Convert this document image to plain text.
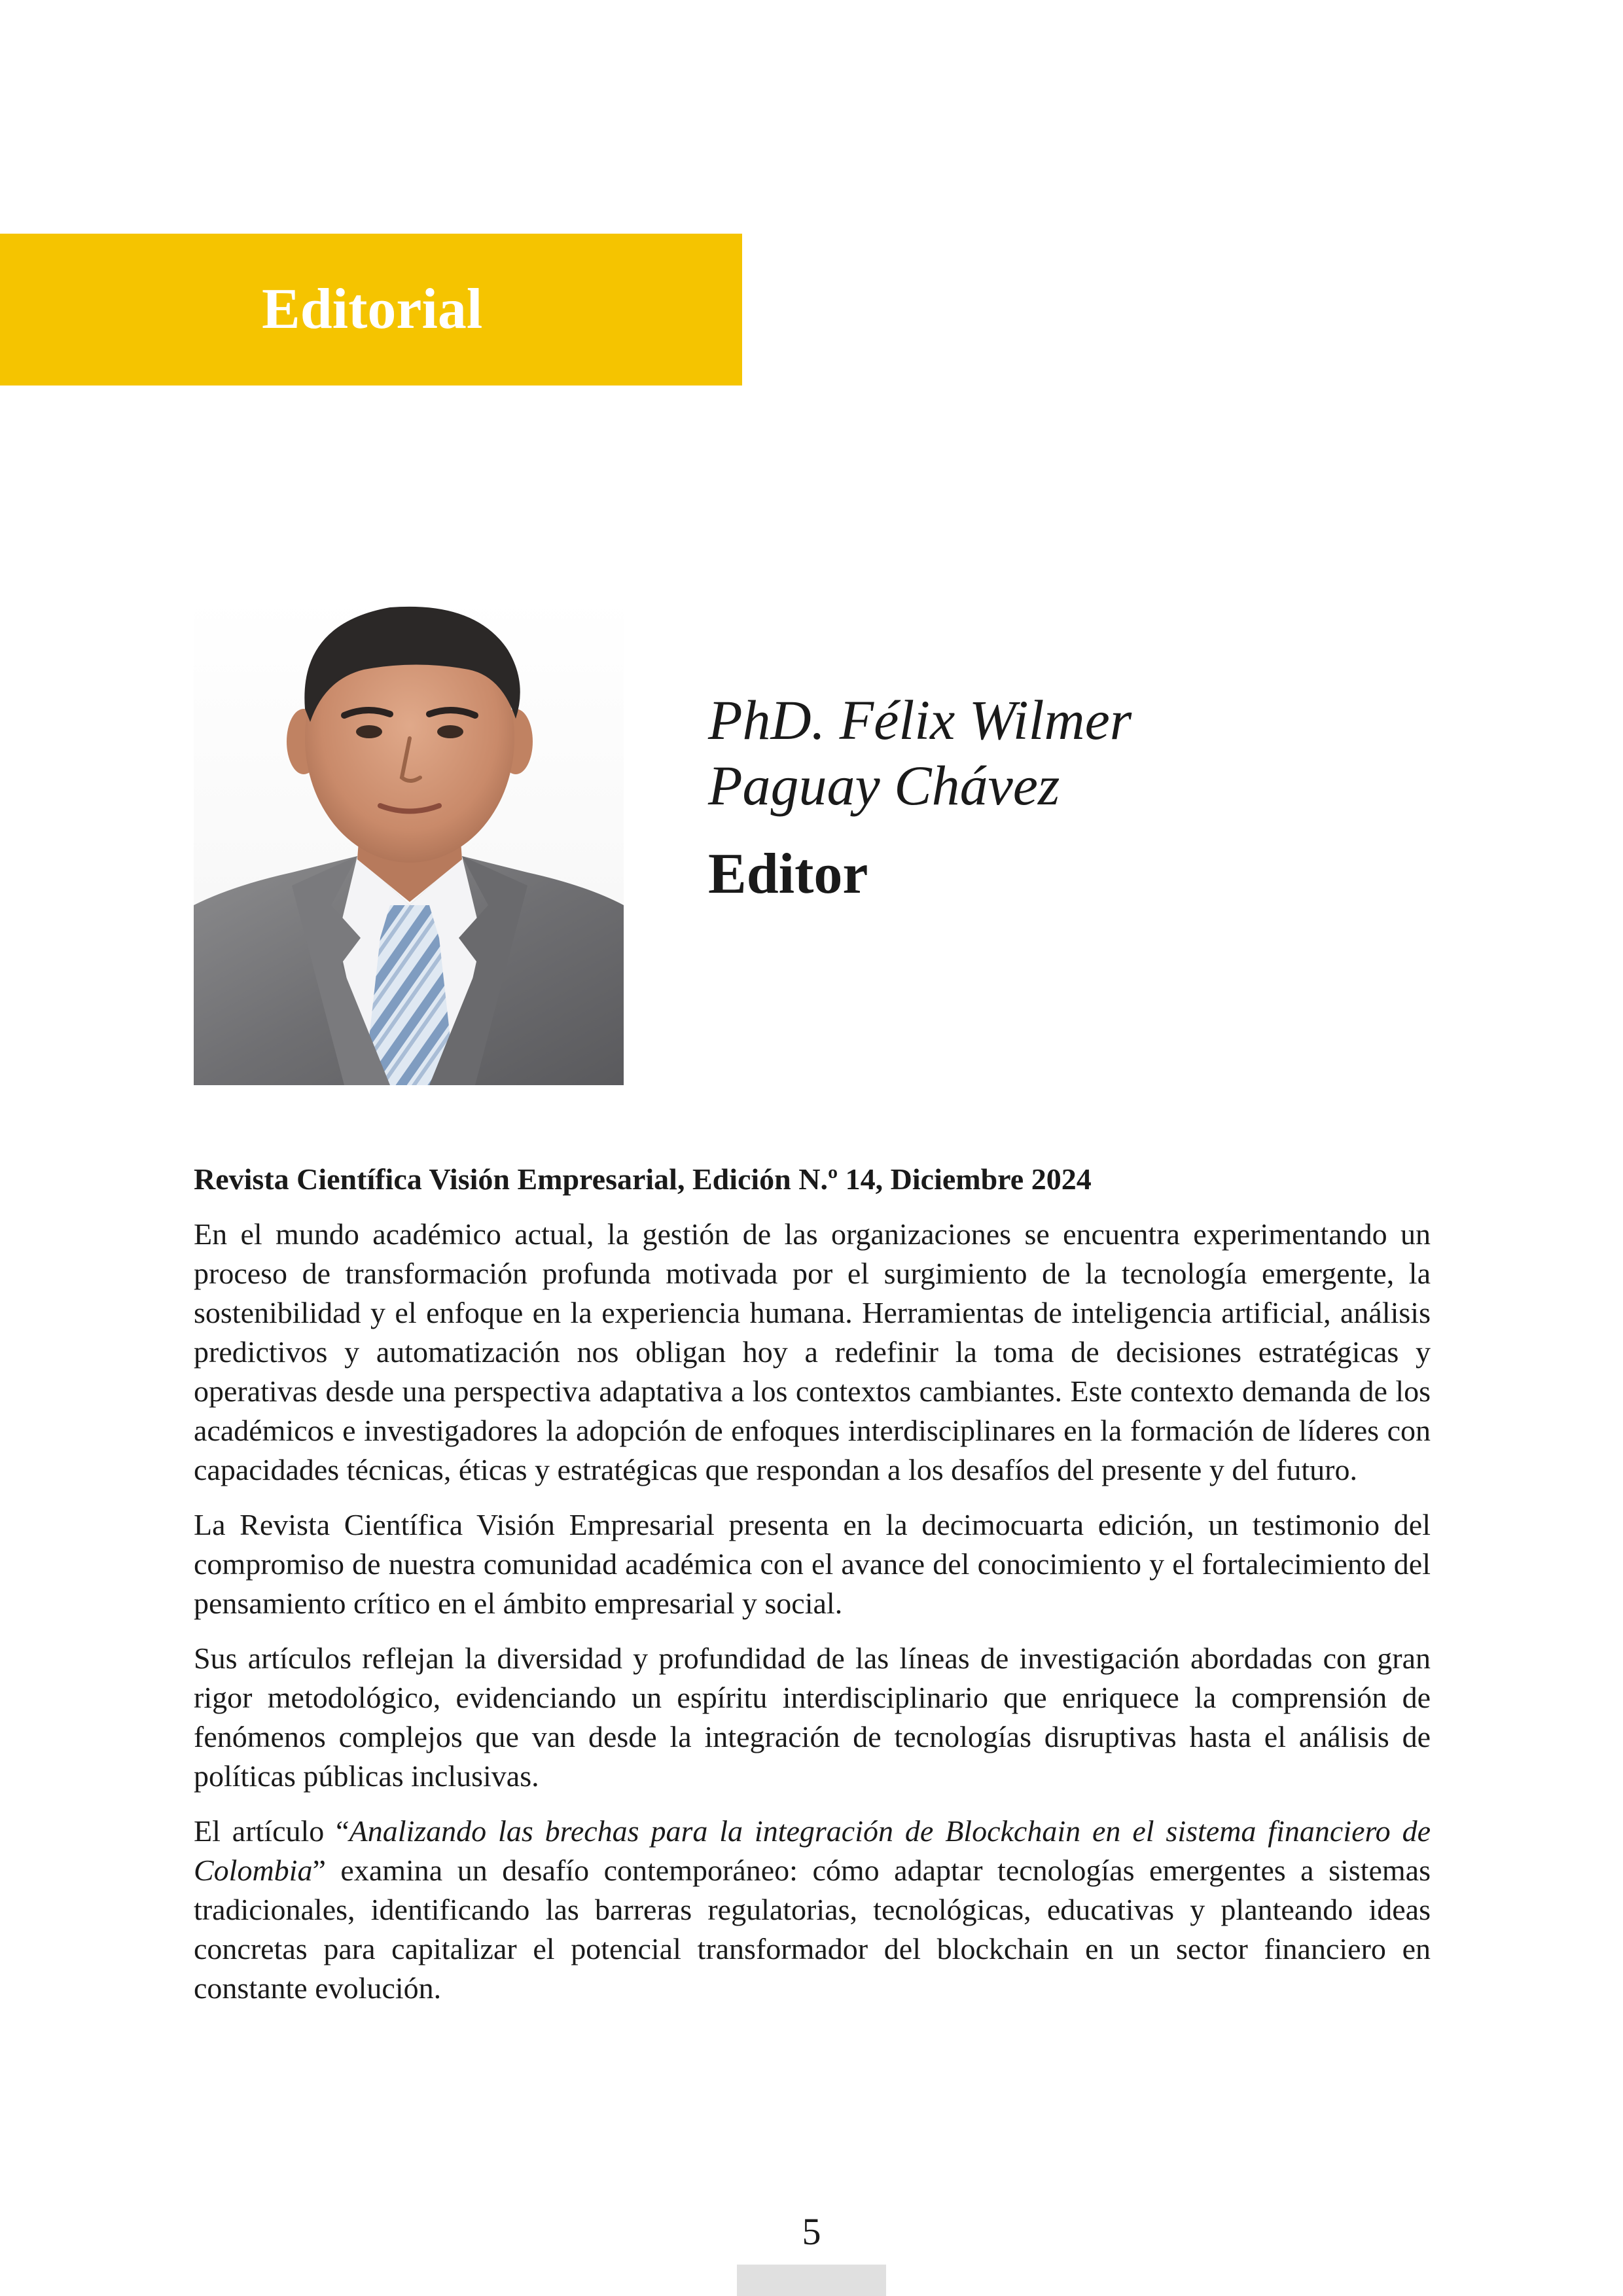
Editorial
PhD. Félix Wilmer
Paguay Chávez
Editor

Revista Científica Visión Empresarial, Edición N.º 14, Diciembre 2024

En el mundo académico actual, la gestión de las organizaciones se encuentra experimentando un proceso de transformación profunda motivada por el surgimiento de la tecnología emergente, la sostenibilidad y el enfoque en la experiencia humana. Herramientas de inteligencia artificial, análisis predictivos y automatización nos obligan hoy a redefinir la toma de decisiones estratégicas y operativas desde una perspectiva adaptativa a los contextos cambiantes. Este contexto demanda de los académicos e investigadores la adopción de enfoques interdisciplinares en la formación de líderes con capacidades técnicas, éticas y estratégicas que respondan a los desafíos del presente y del futuro.

La Revista Científica Visión Empresarial presenta en la decimocuarta edición, un testimonio del compromiso de nuestra comunidad académica con el avance del conocimiento y el fortalecimiento del pensamiento crítico en el ámbito empresarial y social.

Sus artículos reflejan la diversidad y profundidad de las líneas de investigación abordadas con gran rigor metodológico, evidenciando un espíritu interdisciplinario que enriquece la comprensión de fenómenos complejos que van desde la integración de tecnologías disruptivas hasta el análisis de políticas públicas inclusivas.

El artículo “Analizando las brechas para la integración de Blockchain en el sistema financiero de Colombia” examina un desafío contemporáneo: cómo adaptar tecnologías emergentes a sistemas tradicionales, identificando las barreras regulatorias, tecnológicas, educativas y planteando ideas concretas para capitalizar el potencial transformador del blockchain en un sector financiero en constante evolución.

5
